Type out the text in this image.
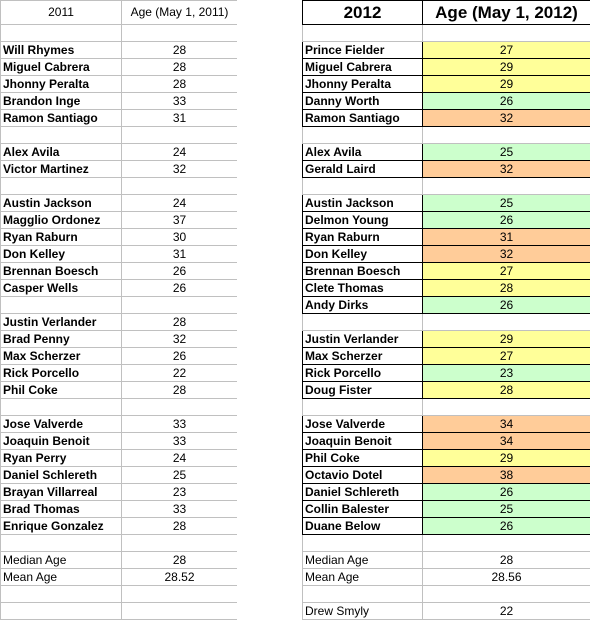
2011	Age (May 1, 2011)

Will Rhymes	28
Miguel Cabrera	28
Jhonny Peralta	28
Brandon Inge	33
Ramon Santiago	31

Alex Avila	24
Victor Martinez	32

Austin Jackson	24
Magglio Ordonez	37
Ryan Raburn	30
Don Kelley	31
Brennan Boesch	26
Casper Wells	26

Justin Verlander	28
Brad Penny	32
Max Scherzer	26
Rick Porcello	22
Phil Coke	28

Jose Valverde	33
Joaquin Benoit	33
Ryan Perry	24
Daniel Schlereth	25
Brayan Villarreal	23
Brad Thomas	33
Enrique Gonzalez	28

Median Age	28
Mean Age	28.52

2012	Age (May 1, 2012)

Prince Fielder	27
Miguel Cabrera	29
Jhonny Peralta	29
Danny Worth	26
Ramon Santiago	32

Alex Avila	25
Gerald Laird	32

Austin Jackson	25
Delmon Young	26
Ryan Raburn	31
Don Kelley	32
Brennan Boesch	27
Clete Thomas	28
Andy Dirks	26

Justin Verlander	29
Max Scherzer	27
Rick Porcello	23
Doug Fister	28

Jose Valverde	34
Joaquin Benoit	34
Phil Coke	29
Octavio Dotel	38
Daniel Schlereth	26
Collin Balester	25
Duane Below	26

Median Age	28
Mean Age	28.56

Drew Smyly	22
